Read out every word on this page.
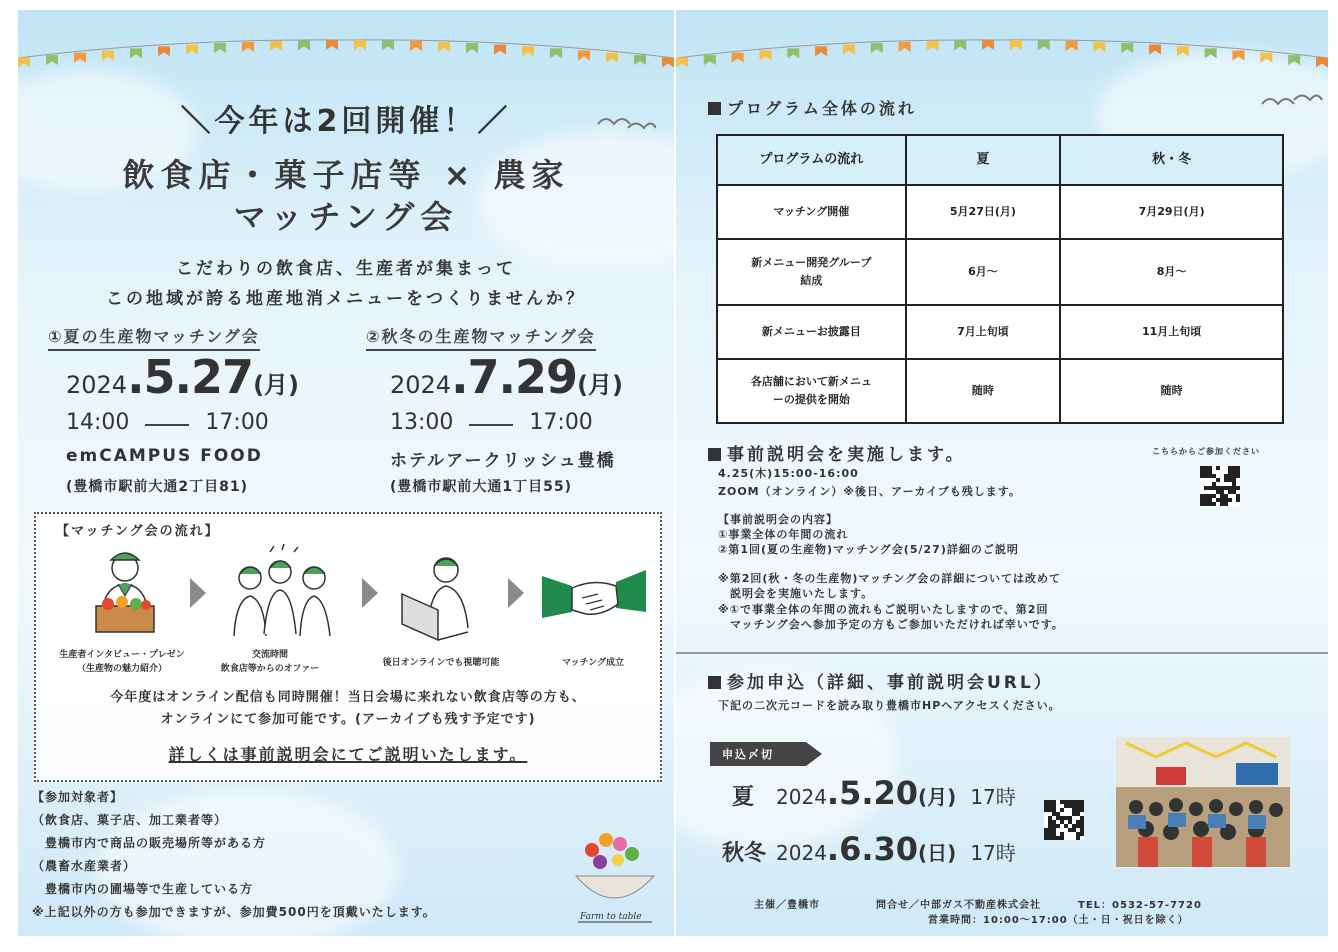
＼今年は2回開催！／
飲食店・菓子店等 × 農家
マッチング会
こだわりの飲食店、生産者が集まって
この地域が誇る地産地消メニューをつくりませんか？
①夏の生産物マッチング会
2024.5.27(月)
14:00	17:00
emCAMPUS FOOD
(豊橋市駅前大通2丁目81)
②秋冬の生産物マッチング会
2024.7.29(月)
13:00	17:00
ホテルアークリッシュ豊橋
(豊橋市駅前大通1丁目55)
【マッチング会の流れ】
生産者インタビュー・プレゼン
（生産物の魅力紹介）
交流時間
飲食店等からのオファー
後日オンラインでも視聴可能	マッチング成立
今年度はオンライン配信も同時開催！当日会場に来れない飲食店等の方も、
オンラインにて参加可能です。(アーカイブも残す予定です)
詳しくは事前説明会にてご説明いたします。
【参加対象者】
（飲食店、菓子店、加工業者等）
　豊橋市内で商品の販売場所等がある方
（農畜水産業者）
　豊橋市内の圃場等で生産している方
※上記以外の方も参加できますが、参加費500円を頂戴いたします。	Farm to table
プログラム全体の流れ
プログラムの流れ	夏	秋・冬
マッチング開催	5月27日(月)	7月29日(月)
新メニュー開発グループ
結成	6月～	8月～
新メニューお披露目	7月上旬頃	11月上旬頃
各店舗において新メニュ
ーの提供を開始	随時	随時
事前説明会を実施します。	こちらからご参加ください
4.25(木)15:00-16:00
ZOOM（オンライン）※後日、アーカイブも残します。
【事前説明会の内容】
①事業全体の年間の流れ
②第1回(夏の生産物)マッチング会(5/27)詳細のご説明
※第2回(秋・冬の生産物)マッチング会の詳細については改めて
　説明会を実施いたします。
※①で事業全体の年間の流れもご説明いたしますので、第2回
　マッチング会へ参加予定の方もご参加いただければ幸いです。
参加申込（詳細、事前説明会URL）
下記の二次元コードを読み取り豊橋市HPへアクセスください。
申込〆切
夏 2024.5.20(月) 17時
秋冬 2024.6.30(日) 17時
主催／豊橋市	問合せ／中部ガス不動産株式会社	TEL：0532-57-7720
営業時間：10:00～17:00（土・日・祝日を除く）
